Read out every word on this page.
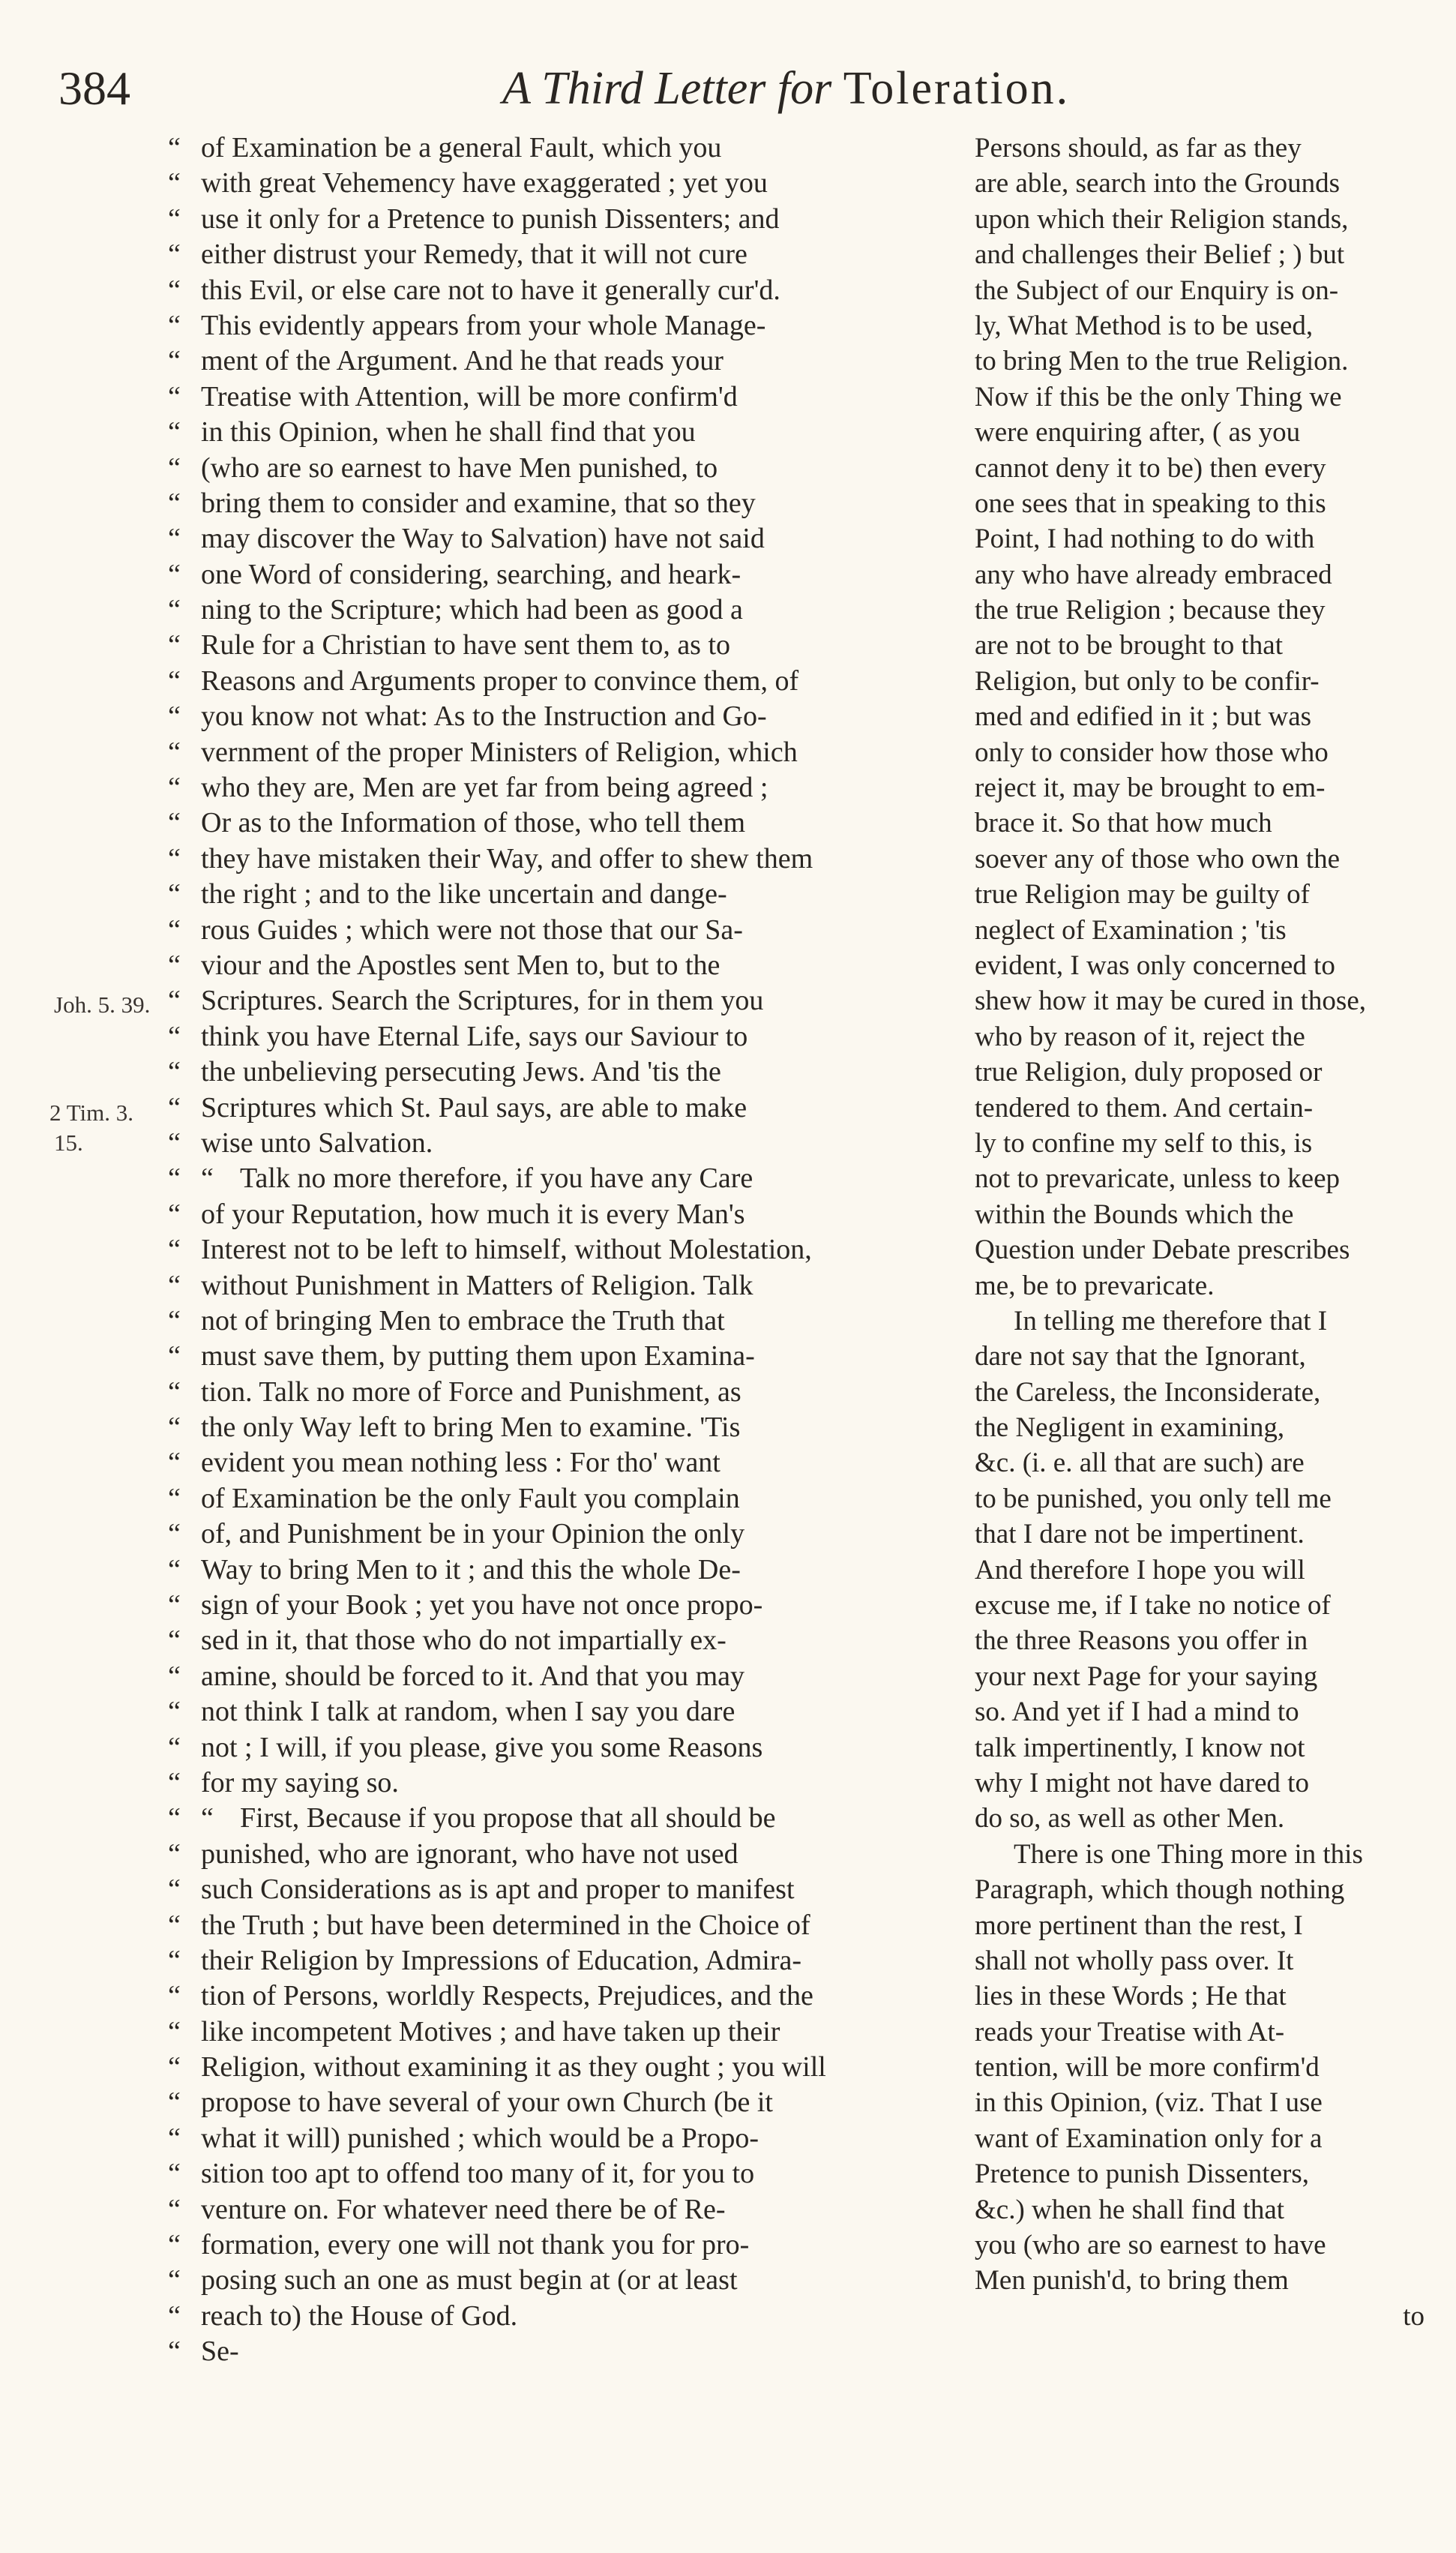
384	A Third Letter for Toleration.
Joh. 5. 39.
2 Tim. 3.
15.
“ of Examination be a general Fault, which you
“ with great Vehemency have exaggerated ; yet you
“ use it only for a Pretence to punish Dissenters; and
“ either distrust your Remedy, that it will not cure
“ this Evil, or else care not to have it generally cur'd.
“ This evidently appears from your whole Manage-
“ ment of the Argument. And he that reads your
“ Treatise with Attention, will be more confirm'd
“ in this Opinion, when he shall find that you
“ (who are so earnest to have Men punished, to
“ bring them to consider and examine, that so they
“ may discover the Way to Salvation) have not said
“ one Word of considering, searching, and heark-
“ ning to the Scripture; which had been as good a
“ Rule for a Christian to have sent them to, as to
“ Reasons and Arguments proper to convince them, of
“ you know not what: As to the Instruction and Go-
“ vernment of the proper Ministers of Religion, which
“ who they are, Men are yet far from being agreed ;
“ Or as to the Information of those, who tell them
“ they have mistaken their Way, and offer to shew them
“ the right ; and to the like uncertain and dange-
“ rous Guides ; which were not those that our Sa-
“ viour and the Apostles sent Men to, but to the
“ Scriptures. Search the Scriptures, for in them you
“ think you have Eternal Life, says our Saviour to
“ the unbelieving persecuting Jews. And 'tis the
“ Scriptures which St. Paul says, are able to make
“ wise unto Salvation.
“ “ Talk no more therefore, if you have any Care
“ of your Reputation, how much it is every Man's
“ Interest not to be left to himself, without Molestation,
“ without Punishment in Matters of Religion. Talk
“ not of bringing Men to embrace the Truth that
“ must save them, by putting them upon Examina-
“ tion. Talk no more of Force and Punishment, as
“ the only Way left to bring Men to examine. 'Tis
“ evident you mean nothing less : For tho' want
“ of Examination be the only Fault you complain
“ of, and Punishment be in your Opinion the only
“ Way to bring Men to it ; and this the whole De-
“ sign of your Book ; yet you have not once propo-
“ sed in it, that those who do not impartially ex-
“ amine, should be forced to it. And that you may
“ not think I talk at random, when I say you dare
“ not ; I will, if you please, give you some Reasons
“ for my saying so.
“ “ First, Because if you propose that all should be
“ punished, who are ignorant, who have not used
“ such Considerations as is apt and proper to manifest
“ the Truth ; but have been determined in the Choice of
“ their Religion by Impressions of Education, Admira-
“ tion of Persons, worldly Respects, Prejudices, and the
“ like incompetent Motives ; and have taken up their
“ Religion, without examining it as they ought ; you will
“ propose to have several of your own Church (be it
“ what it will) punished ; which would be a Propo-
“ sition too apt to offend too many of it, for you to
“ venture on. For whatever need there be of Re-
“ formation, every one will not thank you for pro-
“ posing such an one as must begin at (or at least
“ reach to) the House of God.
“ Se-
Persons should, as far as they
are able, search into the Grounds
upon which their Religion stands,
and challenges their Belief ; ) but
the Subject of our Enquiry is on-
ly, What Method is to be used,
to bring Men to the true Religion.
Now if this be the only Thing we
were enquiring after, ( as you
cannot deny it to be) then every
one sees that in speaking to this
Point, I had nothing to do with
any who have already embraced
the true Religion ; because they
are not to be brought to that
Religion, but only to be confir-
med and edified in it ; but was
only to consider how those who
reject it, may be brought to em-
brace it. So that how much
soever any of those who own the
true Religion may be guilty of
neglect of Examination ; 'tis
evident, I was only concerned to
shew how it may be cured in those,
who by reason of it, reject the
true Religion, duly proposed or
tendered to them. And certain-
ly to confine my self to this, is
not to prevaricate, unless to keep
within the Bounds which the
Question under Debate prescribes
me, be to prevaricate.
In telling me therefore that I
dare not say that the Ignorant,
the Careless, the Inconsiderate,
the Negligent in examining,
&c. (i. e. all that are such) are
to be punished, you only tell me
that I dare not be impertinent.
And therefore I hope you will
excuse me, if I take no notice of
the three Reasons you offer in
your next Page for your saying
so. And yet if I had a mind to
talk impertinently, I know not
why I might not have dared to
do so, as well as other Men.
There is one Thing more in this
Paragraph, which though nothing
more pertinent than the rest, I
shall not wholly pass over. It
lies in these Words ; He that
reads your Treatise with At-
tention, will be more confirm'd
in this Opinion, (viz. That I use
want of Examination only for a
Pretence to punish Dissenters,
&c.) when he shall find that
you (who are so earnest to have
Men punish'd, to bring them
to
